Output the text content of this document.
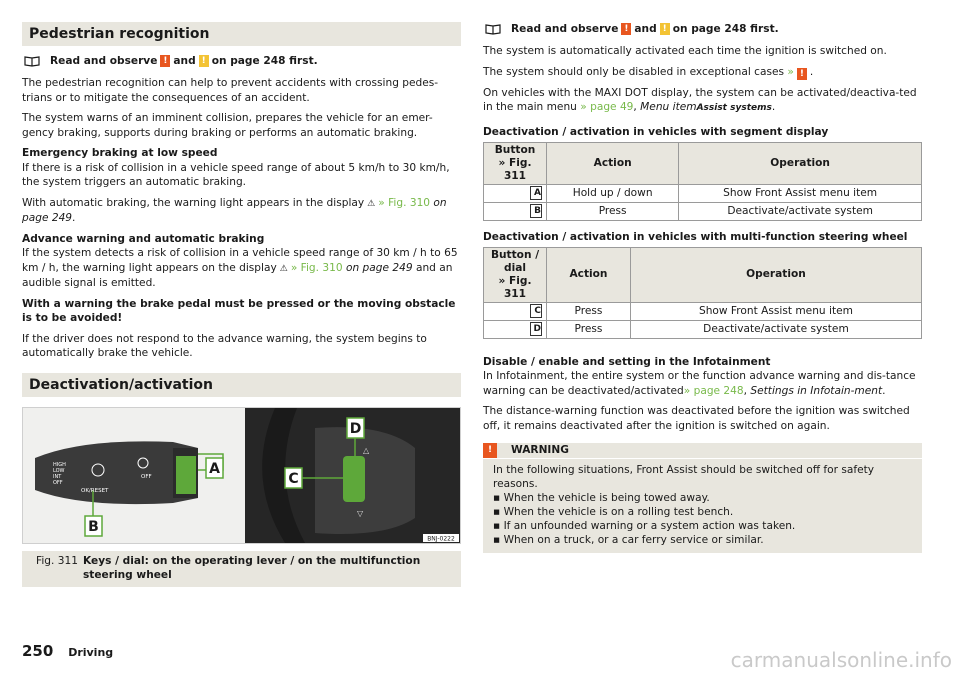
Pedestrian recognition
Read and observe ! and ! on page 248 first.

The pedestrian recognition can help to prevent accidents with crossing pedes-trians or to mitigate the consequences of an accident.

The system warns of an imminent collision, prepares the vehicle for an emer-gency braking, supports during braking or performs an automatic braking.

Emergency braking at low speed

If there is a risk of collision in a vehicle speed range of about 5 km/h to 30 km/h, the system triggers an automatic braking.

With automatic braking, the warning light appears in the display ⚠ » Fig. 310 on page 249.

Advance warning and automatic braking

If the system detects a risk of collision in a vehicle speed range of 30 km / h to 65 km / h, the warning light appears on the display ⚠ » Fig. 310 on page 249 and an audible signal is emitted.

With a warning the brake pedal must be pressed or the moving obstacle is to be avoided!

If the driver does not respond to the advance warning, the system begins to automatically brake the vehicle.

Deactivation/activation
HIGH
LOW
INT
OFF
OK/RESET
OFF	A
B
△
▽
D
C
BNJ-0222
Fig. 311 Keys / dial: on the operating lever / on the multifunction steering wheel
Read and observe ! and ! on page 248 first.

The system is automatically activated each time the ignition is switched on.

The system should only be disabled in exceptional cases » ! .

On vehicles with the MAXI DOT display, the system can be activated/deactiva-ted in the main menu » page 49, Menu itemAssist systems.

Deactivation / activation in vehicles with segment display
Button
» Fig. 311	Action	Operation
A	Hold up / down	Show Front Assist menu item
B	Press	Deactivate/activate system
Deactivation / activation in vehicles with multi-function steering wheel
Button /
dial
» Fig. 311	Action	Operation
C	Press	Show Front Assist menu item
D	Press	Deactivate/activate system

Disable / enable and setting in the Infotainment

In Infotainment, the entire system or the function advance warning and dis-tance warning can be deactivated/activated» page 248, Settings in Infotain-ment.

The distance-warning function was deactivated before the ignition was switched off, it remains deactivated after the ignition is switched on again.

!	WARNING
In the following situations, Front Assist should be switched off for safety reasons.
▪ When the vehicle is being towed away.
▪ When the vehicle is on a rolling test bench.
▪ If an unfounded warning or a system action was taken.
▪ When on a truck, or a car ferry service or similar.
250 Driving	carmanualsonline.info
